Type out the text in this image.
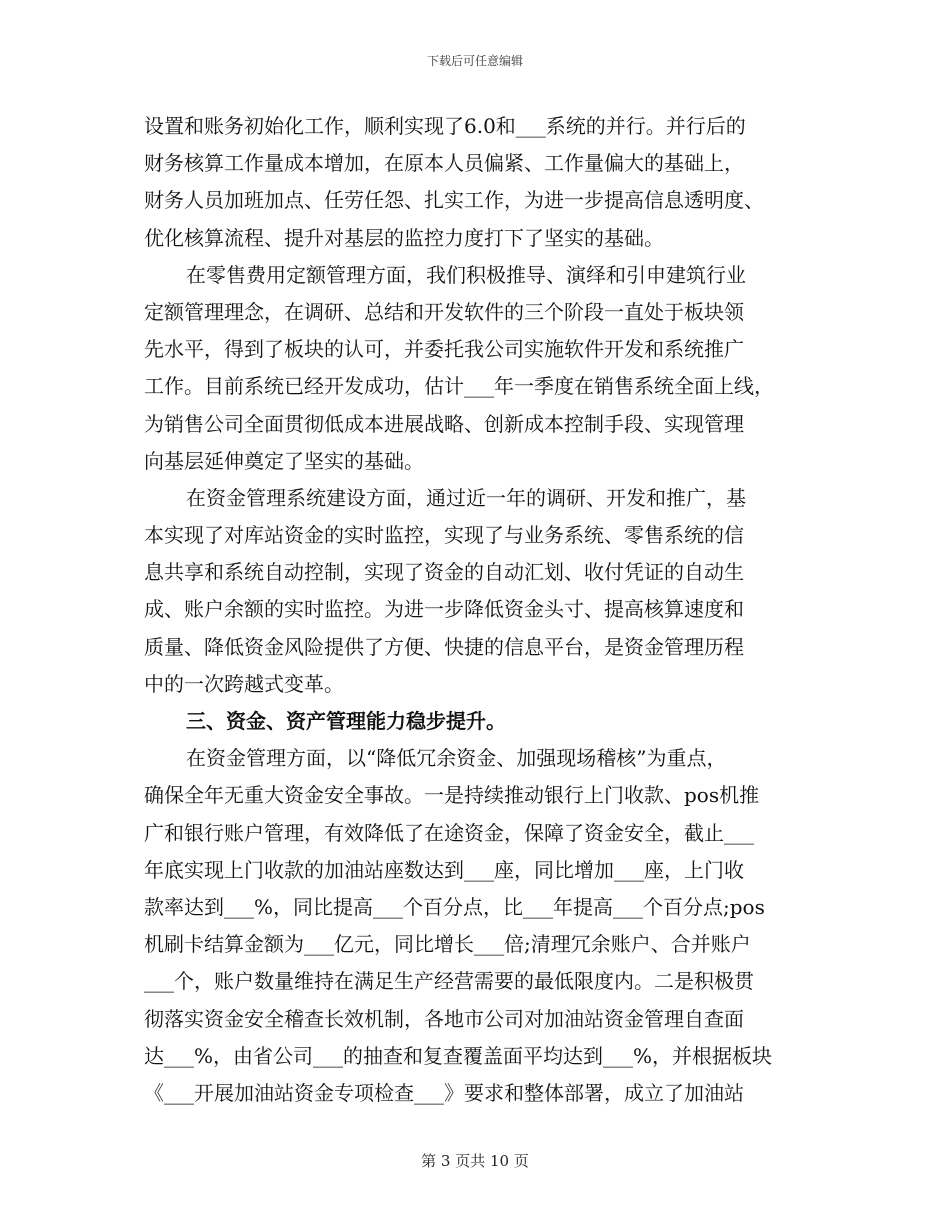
下载后可任意编辑
设置和账务初始化工作，顺利实现了6.0和___系统的并行。并行后的
财务核算工作量成本增加，在原本人员偏紧、工作量偏大的基础上，
财务人员加班加点、任劳任怨、扎实工作，为进一步提高信息透明度、
优化核算流程、提升对基层的监控力度打下了坚实的基础。
在零售费用定额管理方面，我们积极推导、演绎和引申建筑行业
定额管理理念，在调研、总结和开发软件的三个阶段一直处于板块领
先水平，得到了板块的认可，并委托我公司实施软件开发和系统推广
工作。目前系统已经开发成功，估计___年一季度在销售系统全面上线，
为销售公司全面贯彻低成本进展战略、创新成本控制手段、实现管理
向基层延伸奠定了坚实的基础。
在资金管理系统建设方面，通过近一年的调研、开发和推广，基
本实现了对库站资金的实时监控，实现了与业务系统、零售系统的信
息共享和系统自动控制，实现了资金的自动汇划、收付凭证的自动生
成、账户余额的实时监控。为进一步降低资金头寸、提高核算速度和
质量、降低资金风险提供了方便、快捷的信息平台，是资金管理历程
中的一次跨越式变革。
三、资金、资产管理能力稳步提升。
在资金管理方面，以“降低冗余资金、加强现场稽核”为重点，
确保全年无重大资金安全事故。一是持续推动银行上门收款、pos机推
广和银行账户管理，有效降低了在途资金，保障了资金安全，截止___
年底实现上门收款的加油站座数达到___座，同比增加___座，上门收
款率达到___%，同比提高___个百分点，比___年提高___个百分点;pos
机刷卡结算金额为___亿元，同比增长___倍;清理冗余账户、合并账户
___个，账户数量维持在满足生产经营需要的最低限度内。二是积极贯
彻落实资金安全稽查长效机制，各地市公司对加油站资金管理自查面
达___%，由省公司___的抽查和复查覆盖面平均达到___%，并根据板块
《___开展加油站资金专项检查___》要求和整体部署，成立了加油站
第 3 页共 10 页
